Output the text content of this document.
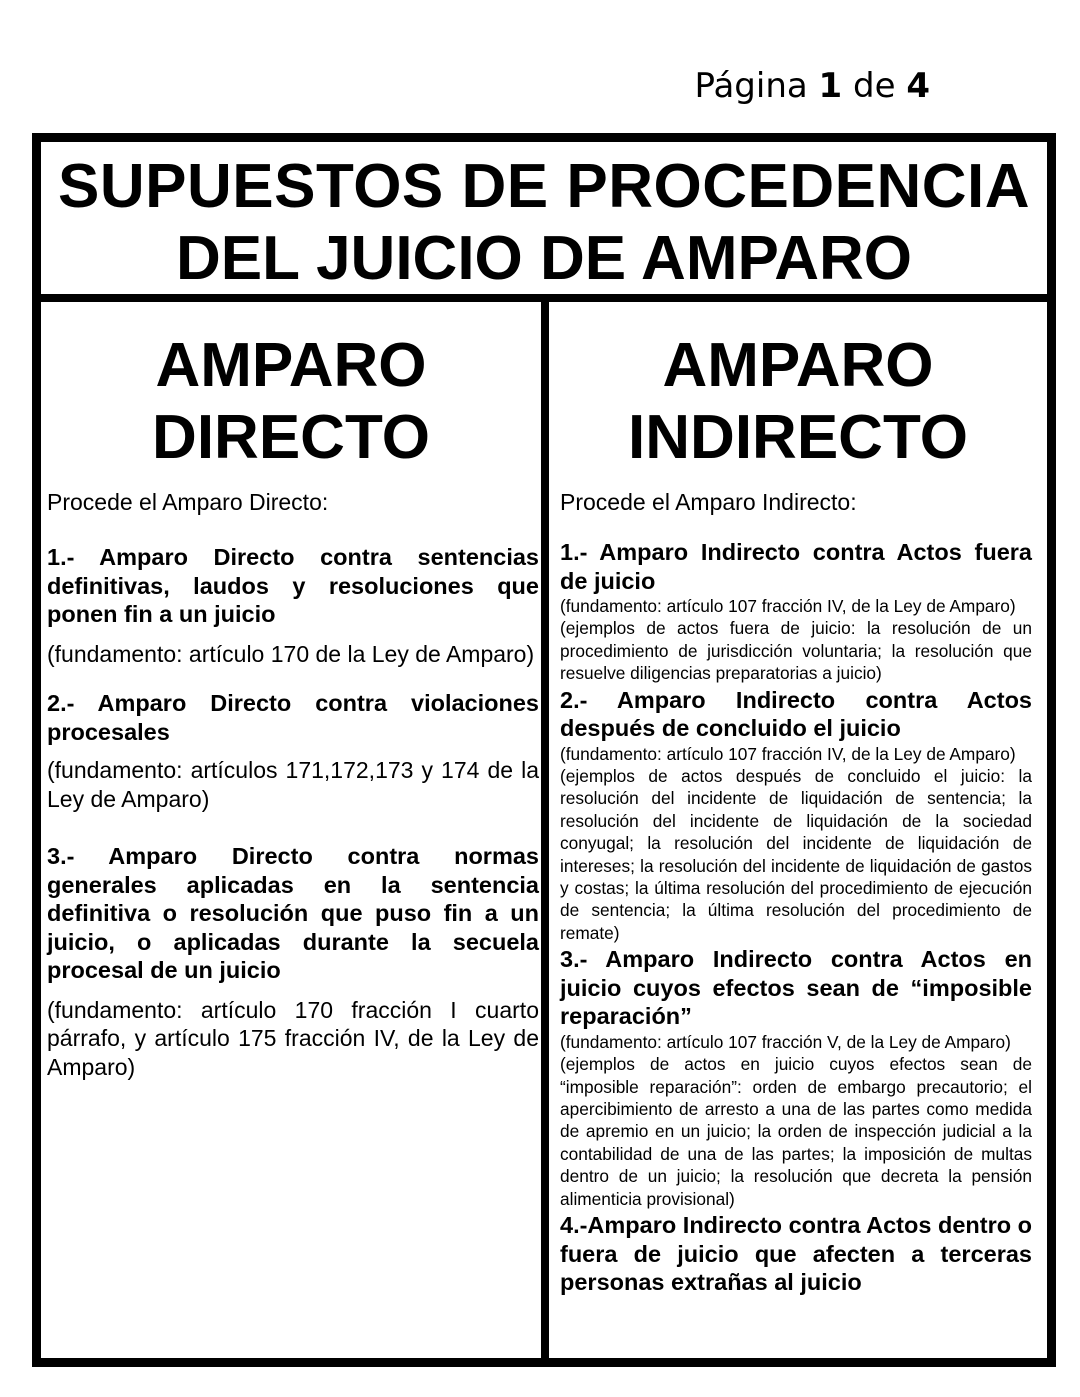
Página 1 de 4
SUPUESTOS DE PROCEDENCIA
DEL JUICIO DE AMPARO
AMPARO
DIRECTO
Procede el Amparo Directo:
1.- Amparo Directo contra sentencias definitivas, laudos y resoluciones que ponen fin a un juicio
(fundamento: artículo 170 de la Ley de Amparo)
2.- Amparo Directo contra violaciones procesales
(fundamento: artículos 171,172,173 y 174 de la Ley de Amparo)
3.- Amparo Directo contra normas generales aplicadas en la sentencia definitiva o resolución que puso fin a un juicio, o aplicadas durante la secuela procesal de un juicio
(fundamento: artículo 170 fracción I cuarto párrafo, y artículo 175 fracción IV, de la Ley de Amparo)
AMPARO
INDIRECTO
Procede el Amparo Indirecto:
1.- Amparo Indirecto contra Actos fuera de juicio
(fundamento: artículo 107 fracción IV, de la Ley de Amparo)
(ejemplos de actos fuera de juicio: la resolución de un procedimiento de jurisdicción voluntaria; la resolución que resuelve diligencias preparatorias a juicio)
2.- Amparo Indirecto contra Actos después de concluido el juicio
(fundamento: artículo 107 fracción IV, de la Ley de Amparo)
(ejemplos de actos después de concluido el juicio: la resolución del incidente de liquidación de sentencia; la resolución del incidente de liquidación de la sociedad conyugal; la resolución del incidente de liquidación de intereses; la resolución del incidente de liquidación de gastos y costas; la última resolución del procedimiento de ejecución de sentencia; la última resolución del procedimiento de remate)
3.- Amparo Indirecto contra Actos en juicio cuyos efectos sean de “imposible reparación”
(fundamento: artículo 107 fracción V, de la Ley de Amparo)
(ejemplos de actos en juicio cuyos efectos sean de “imposible reparación”: orden de embargo precautorio; el apercibimiento de arresto a una de las partes como medida de apremio en un juicio; la orden de inspección judicial a la contabilidad de una de las partes; la imposición de multas dentro de un juicio; la resolución que decreta la pensión alimenticia provisional)
4.-Amparo Indirecto contra Actos dentro o fuera de juicio que afecten a terceras personas extrañas al juicio
